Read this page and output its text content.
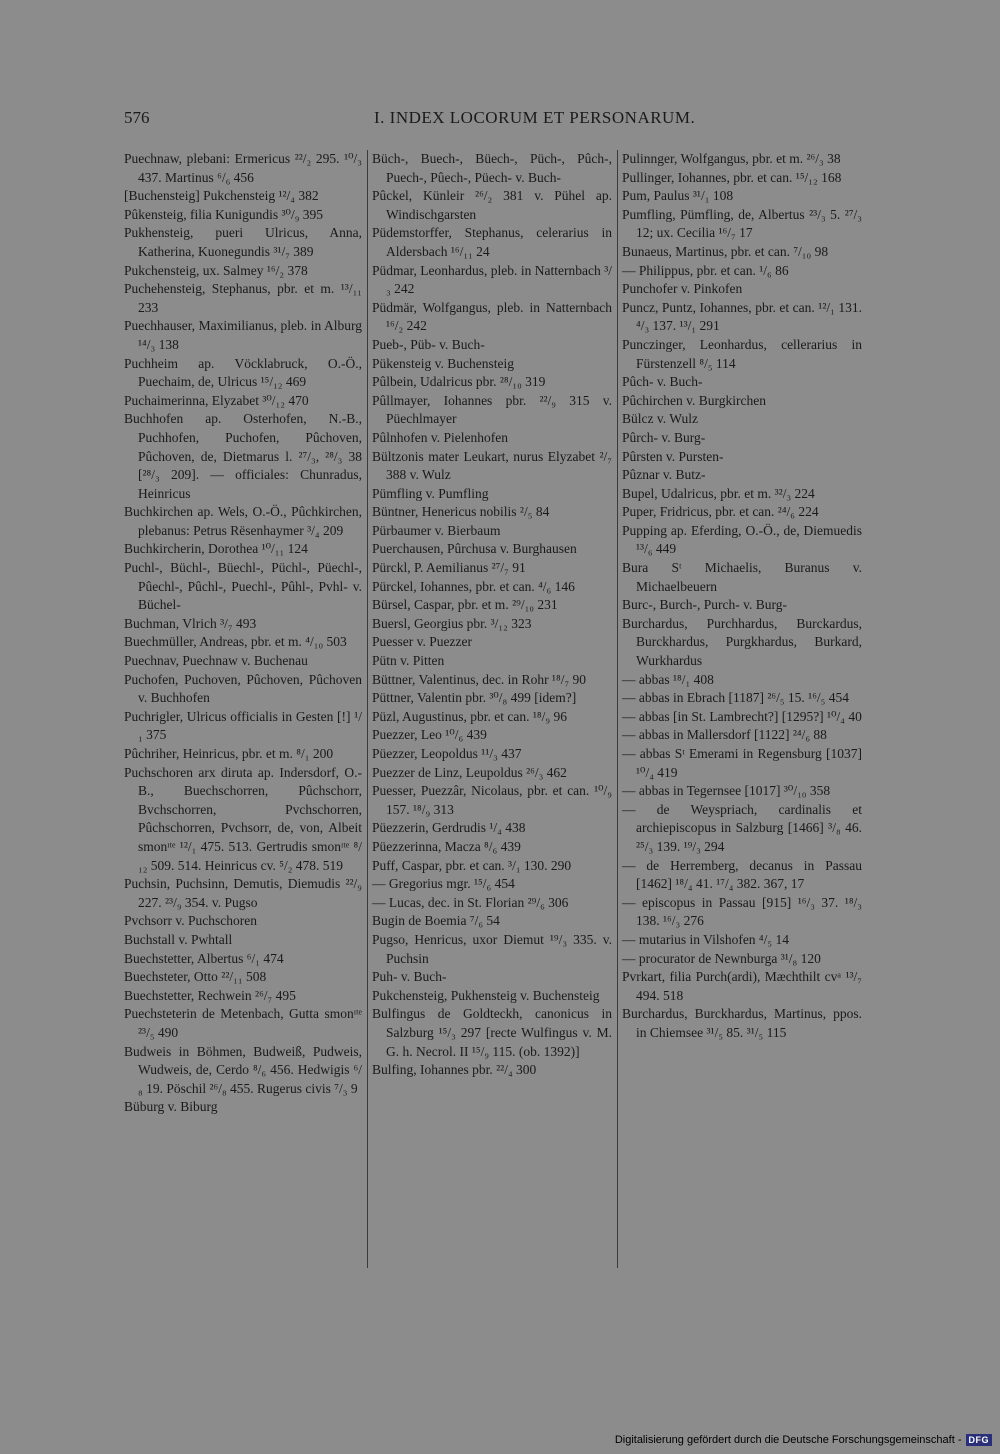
576	I. INDEX LOCORUM ET PERSONARUM.

Puechnaw, plebani: Ermericus ²²/₂ 295. ¹⁰/₃ 437. Martinus ⁶/₆ 456

[Buchensteig] Pukchensteig ¹²/₄ 382

Pûkensteig, filia Kunigundis ³⁰/₉ 395

Pukhensteig, pueri Ulricus, Anna, Katherina, Kuonegundis ³¹/₇ 389

Pukchensteig, ux. Salmey ¹⁶/₂ 378

Puchehensteig, Stephanus, pbr. et m. ¹³/₁₁ 233

Puechhauser, Maximilianus, pleb. in Alburg ¹⁴/₃ 138

Puchheim ap. Vöcklabruck, O.-Ö., Puechaim, de, Ulricus ¹⁵/₁₂ 469

Puchaimerinna, Elyzabet ³⁰/₁₂ 470

Buchhofen ap. Osterhofen, N.-B., Puchhofen, Puchofen, Pûchoven, Pûchoven, de, Dietmarus l. ²⁷/₃, ²⁸/₃ 38 [²⁸/₃ 209]. — officiales: Chunradus, Heinricus

Buchkirchen ap. Wels, O.-Ö., Pûchkirchen, plebanus: Petrus Rësenhaymer ³/₄ 209

Buchkircherin, Dorothea ¹⁰/₁₁ 124

Puchl-, Büchl-, Büechl-, Püchl-, Püechl-, Pûechl-, Pûchl-, Puechl-, Pûhl-, Pvhl- v. Büchel-

Buchman, Vlrich ³/₇ 493

Buechmüller, Andreas, pbr. et m. ⁴/₁₀ 503

Puechnav, Puechnaw v. Buchenau

Puchofen, Puchoven, Pûchoven, Pûchoven v. Buchhofen

Puchrigler, Ulricus officialis in Gesten [!] ¹/₁ 375

Pûchriher, Heinricus, pbr. et m. ⁸/₁ 200

Puchschoren arx diruta ap. Indersdorf, O.-B., Buechschorren, Pûchschorr, Bvchschorren, Pvchschorren, Pûchschorren, Pvchsorr, de, von, Albeit smonᶦᵗᵉ ¹²/₁ 475. 513. Gertrudis smonᶦᵗᵉ ⁸/₁₂ 509. 514. Heinricus cv. ⁵/₂ 478. 519

Puchsin, Puchsinn, Demutis, Diemudis ²²/₉ 227. ²³/₉ 354. v. Pugso

Pvchsorr v. Puchschoren

Buchstall v. Pwhtall

Buechstetter, Albertus ⁶/₁ 474

Buechsteter, Otto ²²/₁₁ 508

Buechstetter, Rechwein ²⁶/₇ 495

Puechsteterin de Metenbach, Gutta smonᶦᵗᵉ ²³/₅ 490

Budweis in Böhmen, Budweiß, Pudweis, Wudweis, de, Cerdo ⁸/₆ 456. Hedwigis ⁶/₈ 19. Pöschil ²⁶/₈ 455. Rugerus civis ⁷/₃ 9

Büburg v. Biburg

Büch-, Buech-, Büech-, Püch-, Pûch-, Puech-, Pûech-, Püech- v. Buch-

Pûckel, Künleir ²⁶/₂ 381 v. Pühel ap. Windischgarsten

Püdemstorffer, Stephanus, celerarius in Aldersbach ¹⁶/₁₁ 24

Püdmar, Leonhardus, pleb. in Natternbach ³/₃ 242

Püdmär, Wolfgangus, pleb. in Natternbach ¹⁶/₂ 242

Pueb-, Püb- v. Buch-

Pükensteig v. Buchensteig

Pûlbein, Udalricus pbr. ²⁸/₁₀ 319

Pûllmayer, Iohannes pbr. ²²/₉ 315 v. Püechlmayer

Pûlnhofen v. Pielenhofen

Bültzonis mater Leukart, nurus Elyzabet ²/₇ 388 v. Wulz

Pümfling v. Pumfling

Büntner, Henericus nobilis ²/₅ 84

Pürbaumer v. Bierbaum

Puerchausen, Pûrchusa v. Burghausen

Pürckl, P. Aemilianus ²⁷/₇ 91

Pürckel, Iohannes, pbr. et can. ⁴/₆ 146

Bürsel, Caspar, pbr. et m. ²⁹/₁₀ 231

Buersl, Georgius pbr. ³/₁₂ 323

Puesser v. Puezzer

Pütn v. Pitten

Büttner, Valentinus, dec. in Rohr ¹⁸/₇ 90

Püttner, Valentin pbr. ³⁰/₈ 499 [idem?]

Püzl, Augustinus, pbr. et can. ¹⁸/₉ 96

Puezzer, Leo ¹⁰/₆ 439

Püezzer, Leopoldus ¹¹/₃ 437

Puezzer de Linz, Leupoldus ²⁶/₃ 462

Puesser, Puezzâr, Nicolaus, pbr. et can. ¹⁰/₉ 157. ¹⁸/₉ 313

Püezzerin, Gerdrudis ¹/₄ 438

Püezzerinna, Macza ⁸/₆ 439

Puff, Caspar, pbr. et can. ³/₁ 130. 290

— Gregorius mgr. ¹⁵/₆ 454

— Lucas, dec. in St. Florian ²⁹/₆ 306

Bugin de Boemia ⁷/₆ 54

Pugso, Henricus, uxor Diemut ¹⁹/₃ 335. v. Puchsin

Puh- v. Buch-

Pukchensteig, Pukhensteig v. Buchensteig

Bulfingus de Goldteckh, canonicus in Salzburg ¹⁵/₃ 297 [recte Wulfingus v. M. G. h. Necrol. II ¹⁵/₉ 115. (ob. 1392)]

Bulfing, Iohannes pbr. ²²/₄ 300

Pulinnger, Wolfgangus, pbr. et m. ²⁶/₃ 38

Pullinger, Iohannes, pbr. et can. ¹⁵/₁₂ 168

Pum, Paulus ³¹/₁ 108

Pumfling, Pümfling, de, Albertus ²³/₃ 5. ²⁷/₃ 12; ux. Cecilia ¹⁶/₇ 17

Bunaeus, Martinus, pbr. et can. ⁷/₁₀ 98

— Philippus, pbr. et can. ¹/₆ 86

Punchofer v. Pinkofen

Puncz, Puntz, Iohannes, pbr. et can. ¹²/₁ 131. ⁴/₃ 137. ¹³/₁ 291

Punczinger, Leonhardus, cellerarius in Fürstenzell ⁸/₅ 114

Pûch- v. Buch-

Pûchirchen v. Burgkirchen

Bülcz v. Wulz

Pûrch- v. Burg-

Pûrsten v. Pursten-

Pûznar v. Butz-

Bupel, Udalricus, pbr. et m. ³²/₃ 224

Puper, Fridricus, pbr. et can. ²⁴/₆ 224

Pupping ap. Eferding, O.-Ö., de, Diemuedis ¹³/₆ 449

Bura Sᵗ Michaelis, Buranus v. Michaelbeuern

Burc-, Burch-, Purch- v. Burg-

Burchardus, Purchhardus, Burckardus, Burckhardus, Purgkhardus, Burkard, Wurkhardus

— abbas ¹⁸/₁ 408

— abbas in Ebrach [1187] ²⁶/₅ 15. ¹⁶/₅ 454

— abbas [in St. Lambrecht?] [1295?] ¹⁰/₄ 40

— abbas in Mallersdorf [1122] ²⁴/₆ 88

— abbas Sᵗ Emerami in Regensburg [1037] ¹⁰/₄ 419

— abbas in Tegernsee [1017] ³⁰/₁₀ 358

— de Weyspriach, cardinalis et archiepiscopus in Salzburg [1466] ³/₈ 46. ²⁵/₃ 139. ¹⁹/₃ 294

— de Herremberg, decanus in Passau [1462] ¹⁸/₄ 41. ¹⁷/₄ 382. 367, 17

— episcopus in Passau [915] ¹⁶/₃ 37. ¹⁸/₃ 138. ¹⁶/₃ 276

— mutarius in Vilshofen ⁴/₅ 14

— procurator de Newnburga ³¹/₈ 120

Pvrkart, filia Purch(ardi), Mæchthilt cvᵃ ¹³/₇ 494. 518

Burchardus, Burckhardus, Martinus, ppos. in Chiemsee ³¹/₅ 85. ³¹/₅ 115

Digitalisierung gefördert durch die Deutsche Forschungsgemeinschaft - DFG
